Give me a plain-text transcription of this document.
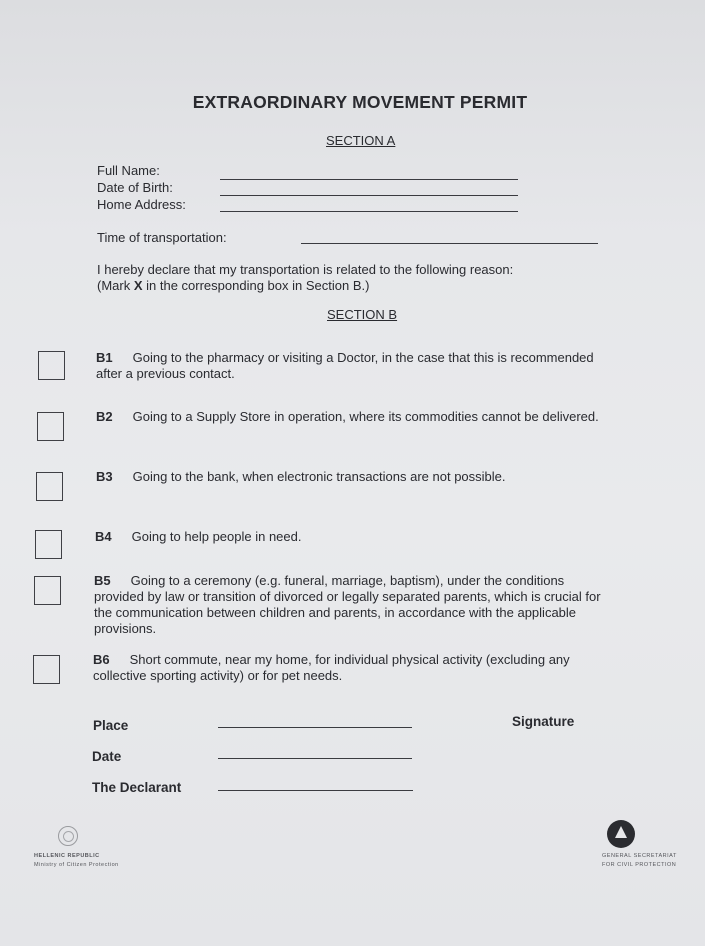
EXTRAORDINARY MOVEMENT PERMIT
SECTION A
Full Name:
Date of Birth:
Home Address:
Time of transportation:
I hereby declare that my transportation is related to the following reason:
(Mark X in the corresponding box in Section B.)
SECTION B
B1 Going to the pharmacy or visiting a Doctor, in the case that this is recommended
after a previous contact.
B2 Going to a Supply Store in operation, where its commodities cannot be delivered.
B3 Going to the bank, when electronic transactions are not possible.
B4 Going to help people in need.
B5 Going to a ceremony (e.g. funeral, marriage, baptism), under the conditions
provided by law or transition of divorced or legally separated parents, which is crucial for
the communication between children and parents, in accordance with the applicable
provisions.
B6 Short commute, near my home, for individual physical activity (excluding any
collective sporting activity) or for pet needs.
Place	Signature
Date
The Declarant
HELLENIC REPUBLIC
Ministry of Citizen Protection
GENERAL SECRETARIAT
FOR CIVIL PROTECTION
